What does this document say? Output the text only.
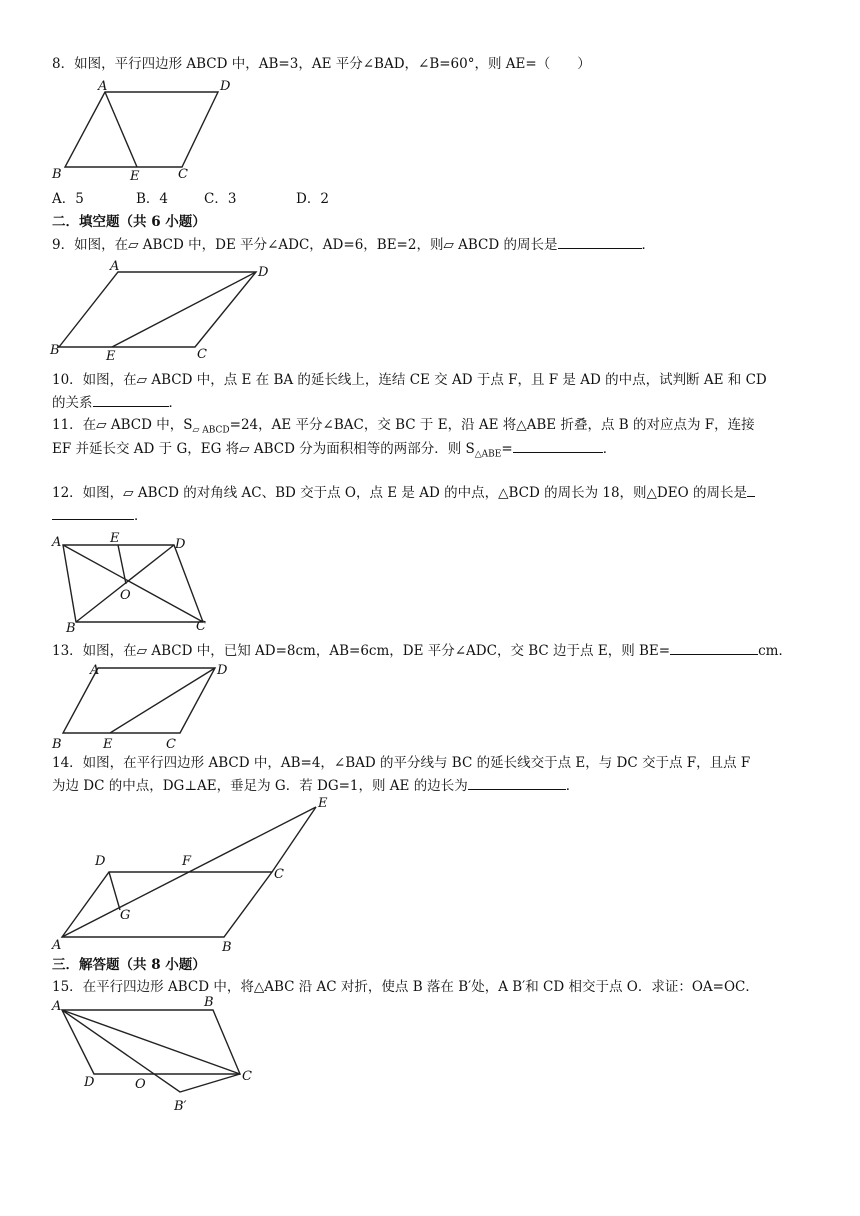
8．如图，平行四边形 ABCD 中，AB=3，AE 平分∠BAD，∠B=60°，则 AE=（　　）
A	D
B	E	C
A．5	B．4	C．3	D．2
二．填空题（共 6 小题）
9．如图，在▱ ABCD 中，DE 平分∠ADC，AD=6，BE=2，则▱ ABCD 的周长是	．
A	D
B	E	C
10．如图，在▱ ABCD 中，点 E 在 BA 的延长线上，连结 CE 交 AD 于点 F，且 F 是 AD 的中点，试判断 AE 和 CD
的关系	．
11．在▱ ABCD 中，$S_{▱ ABCD}=24$，AE 平分∠BAC，交 BC 于 E，沿 AE 将△ABE 折叠，点 B 的对应点为 F，连接
EF 并延长交 AD 于 G，EG 将▱ ABCD 分为面积相等的两部分．则 $S_{\triangle ABE}=$	．
12．如图，▱ ABCD 的对角线 AC、BD 交于点 O，点 E 是 AD 的中点，△BCD 的周长为 18，则△DEO 的周长是
．
A	E	D
O
B	C
13．如图，在▱ ABCD 中，已知 AD=8cm，AB=6cm，DE 平分∠ADC，交 BC 边于点 E，则 BE=	cm．
A	D
B	E	C
14．如图，在平行四边形 ABCD 中，AB=4，∠BAD 的平分线与 BC 的延长线交于点 E，与 DC 交于点 F，且点 F
为边 DC 的中点，DG⊥AE，垂足为 G．若 DG=1，则 AE 的边长为	．
E
D	F
C
G
A	B
三．解答题（共 8 小题）
15．在平行四边形 ABCD 中，将△ABC 沿 AC 对折，使点 B 落在 B′处，A B′和 CD 相交于点 O．求证：OA=OC．
A	B
D	O
C
B′
